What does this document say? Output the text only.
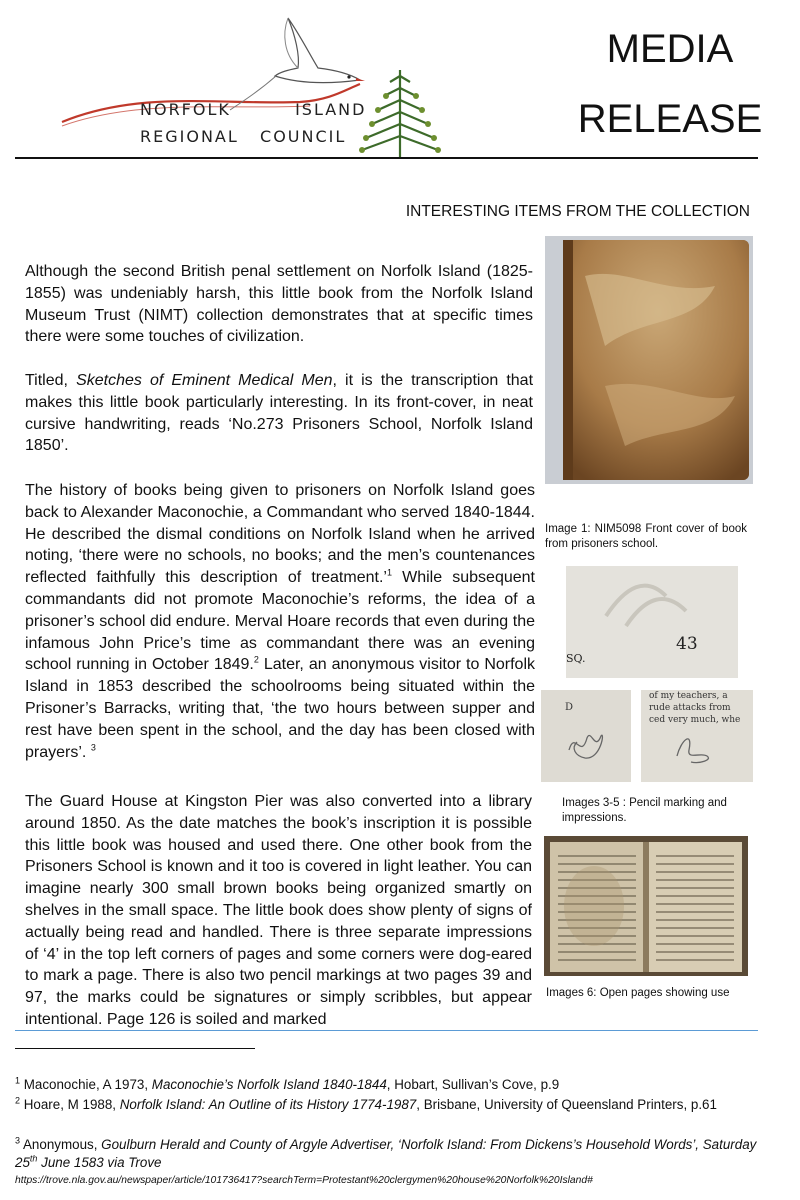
NORFOLK	ISLAND
REGIONAL   COUNCIL
MEDIA
RELEASE
INTERESTING ITEMS FROM THE COLLECTION
Although the second British penal settlement on Norfolk Island (1825-1855) was undeniably harsh, this little book from the Norfolk Island Museum Trust (NIMT) collection demonstrates that at specific times there were some touches of civilization.
Titled, Sketches of Eminent Medical Men, it is the transcription that makes this little book particularly interesting. In its front-cover, in neat cursive handwriting, reads ‘No.273 Prisoners School, Norfolk Island 1850’.
The history of books being given to prisoners on Norfolk Island goes back to Alexander Maconochie, a Commandant who served 1840-1844. He described the dismal conditions on Norfolk Island when he arrived noting, ‘there were no schools, no books; and the men’s countenances reflected faithfully this description of treatment.’$^1$ While subsequent commandants did not promote Maconochie’s reforms, the idea of a prisoner’s school did endure. Merval Hoare records that even during the infamous John Price’s time as commandant there was an evening school running in October 1849.$^2$ Later, an anonymous visitor to Norfolk Island in 1853 described the schoolrooms being situated within the Prisoner’s Barracks, writing that, ‘the two hours between supper and rest have been spent in the school, and the day has been closed with prayers’. $^3$
The Guard House at Kingston Pier was also converted into a library around 1850. As the date matches the book’s inscription it is possible this little book was housed and used there. One other book from the Prisoners School is known and it too is covered in light leather. You can imagine nearly 300 small brown books being organized smartly on shelves in the small space. The little book does show plenty of signs of actually being read and handled. There is three separate impressions of ‘4’ in the top left corners of pages and some corners were dog-eared to mark a page. There is also two pencil markings at two pages 39 and 97, the marks could be signatures or simply scribbles, but appear intentional. Page 126 is soiled and marked
Image 1: NIM5098 Front cover of book from prisoners school.
43
SQ.
D
of my teachers, a
rude attacks from
ced very much, whe
Images 3-5 : Pencil marking and impressions.
Images 6: Open pages showing use
$^1$ Maconochie, A 1973, Maconochie’s Norfolk Island 1840-1844, Hobart, Sullivan’s Cove, p.9
$^2$ Hoare, M 1988, Norfolk Island: An Outline of its History 1774-1987, Brisbane, University of Queensland Printers, p.61
$^3$ Anonymous, Goulburn Herald and County of Argyle Advertiser, ‘Norfolk Island: From Dickens’s Household Words’, Saturday 25th June 1583 via Trove
https://trove.nla.gov.au/newspaper/article/101736417?searchTerm=Protestant%20clergymen%20house%20Norfolk%20Island#
